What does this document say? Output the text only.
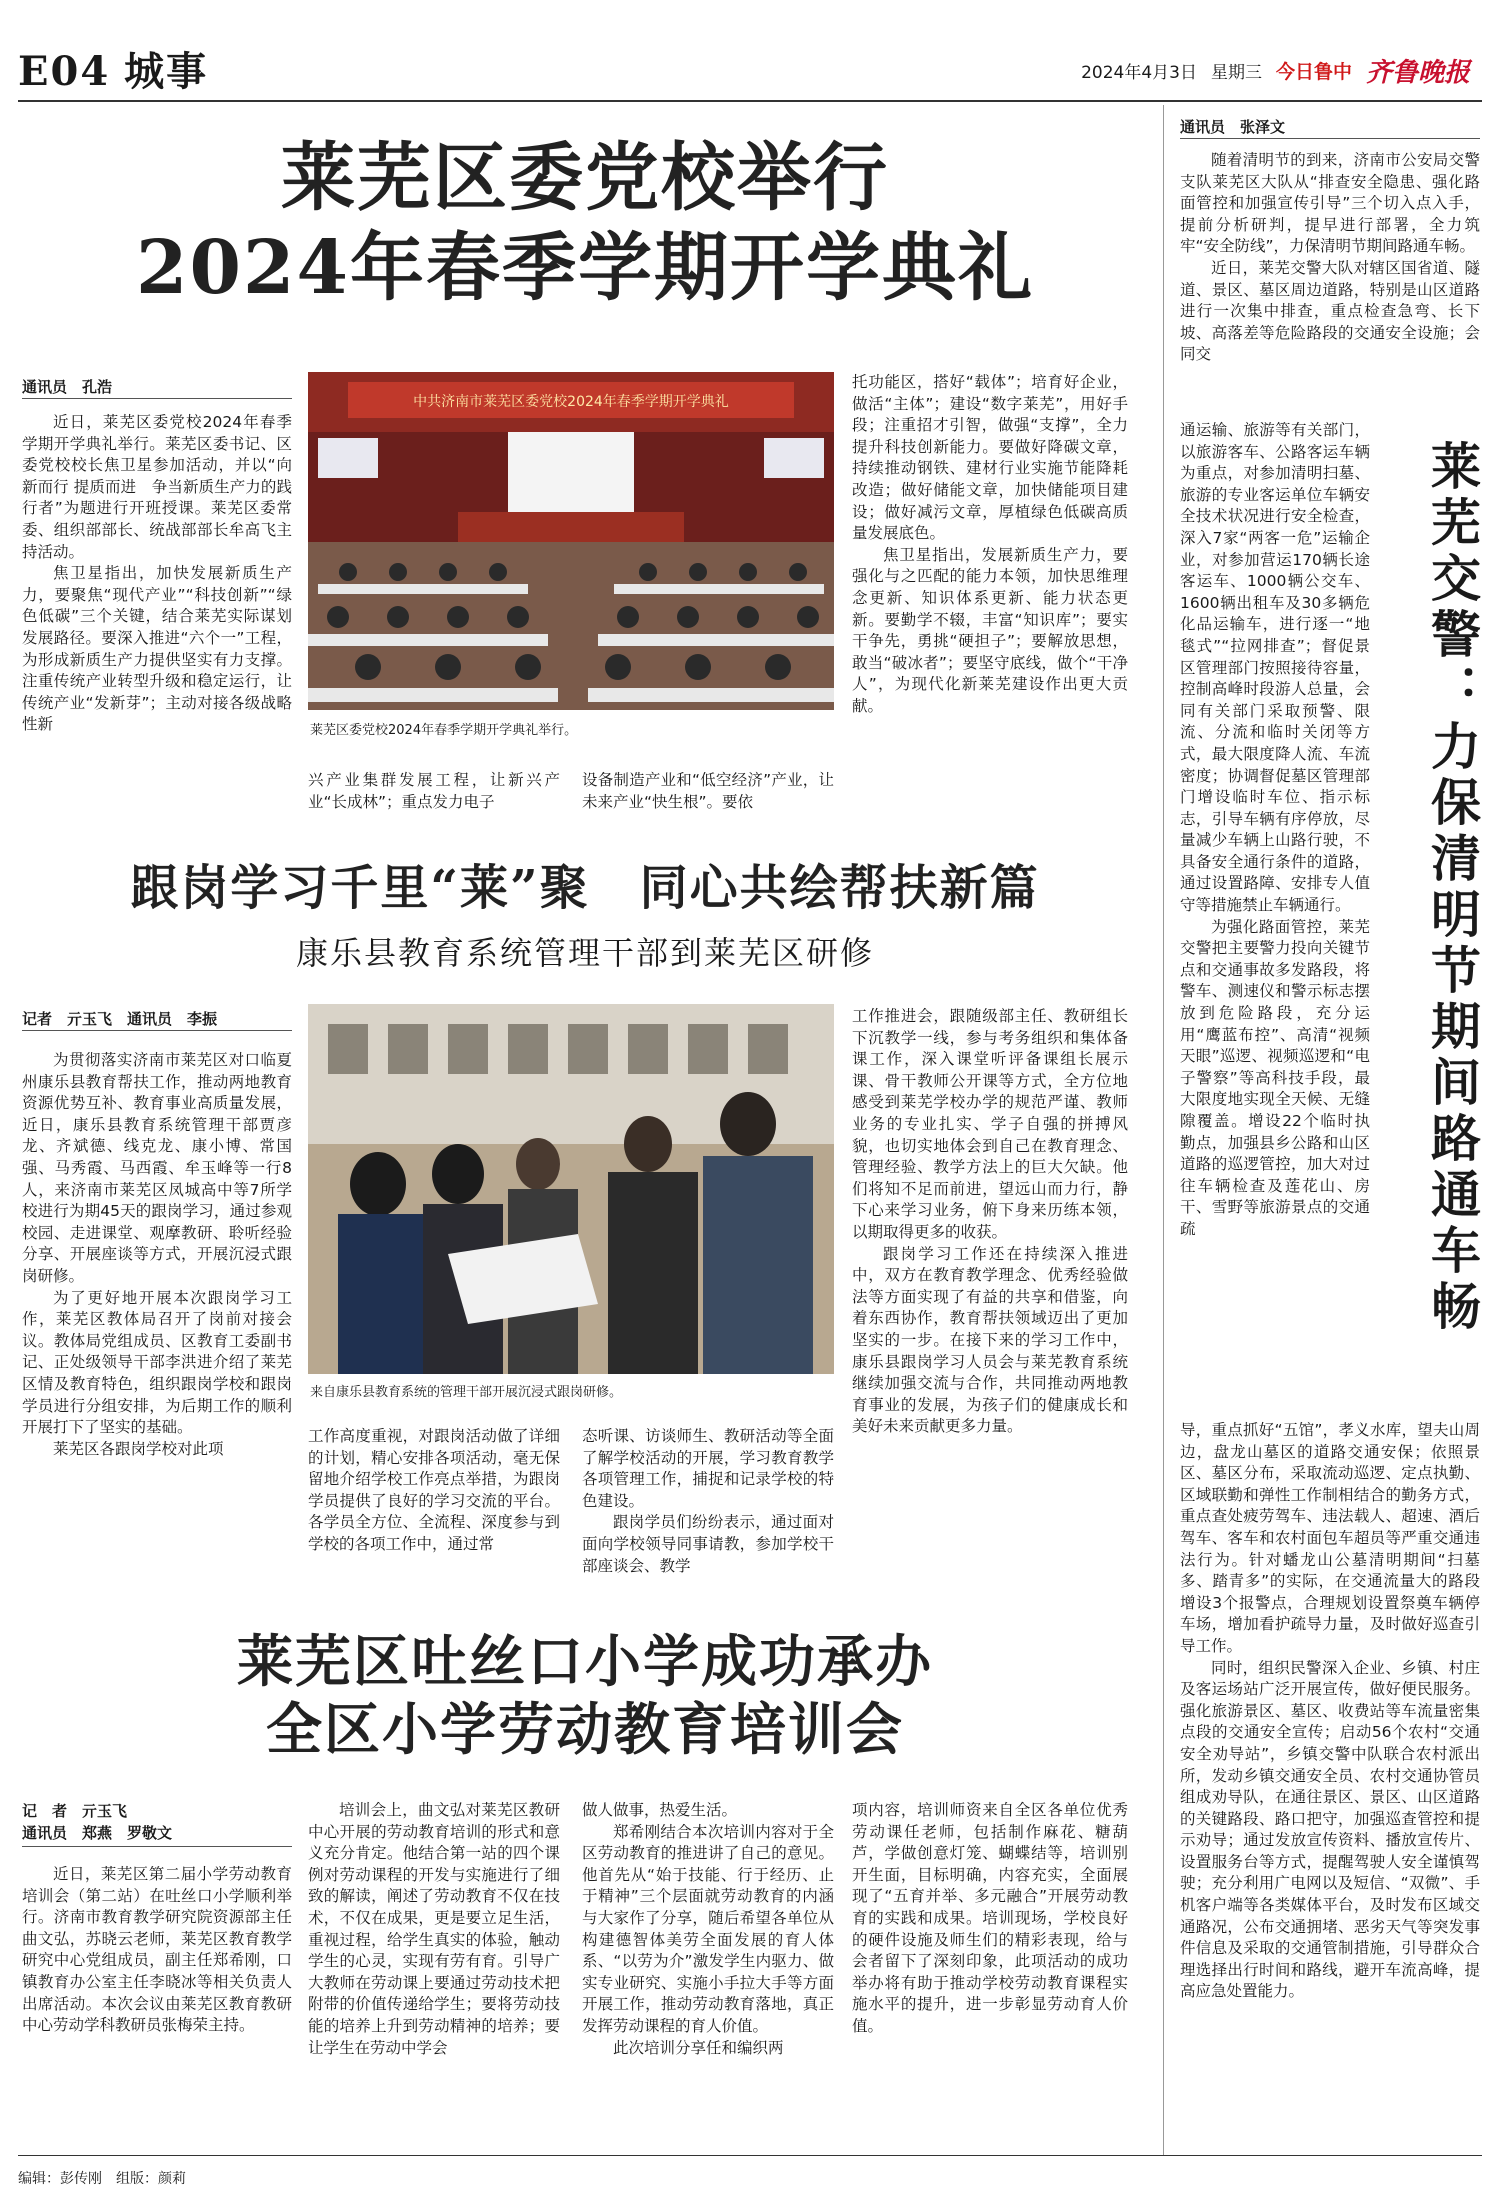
E04 城事	2024年4月3日 星期三 今日鲁中 齐鲁晚报
莱芜区委党校举行
2024年春季学期开学典礼
通讯员　孔浩

近日，莱芜区委党校2024年春季学期开学典礼举行。莱芜区委书记、区委党校校长焦卫星参加活动，并以“向新而行 提质而进　争当新质生产力的践行者”为题进行开班授课。莱芜区委常委、组织部部长、统战部部长牟高飞主持活动。

焦卫星指出，加快发展新质生产力，要聚焦“现代产业”“科技创新”“绿色低碳”三个关键，结合莱芜实际谋划发展路径。要深入推进“六个一”工程，为形成新质生产力提供坚实有力支撑。注重传统产业转型升级和稳定运行，让传统产业“发新芽”；主动对接各级战略性新

中共济南市莱芜区委党校2024年春季学期开学典礼
莱芜区委党校2024年春季学期开学典礼举行。
兴产业集群发展工程，让新兴产业“长成林”；重点发力电子
设备制造产业和“低空经济”产业，让未来产业“快生根”。要依

托功能区，搭好“载体”；培育好企业，做活“主体”；建设“数字莱芜”，用好手段；注重招才引智，做强“支撑”，全力提升科技创新能力。要做好降碳文章，持续推动钢铁、建材行业实施节能降耗改造；做好储能文章，加快储能项目建设；做好减污文章，厚植绿色低碳高质量发展底色。

焦卫星指出，发展新质生产力，要强化与之匹配的能力本领，加快思维理念更新、知识体系更新、能力状态更新。要勤学不辍，丰富“知识库”；要实干争先，勇挑“硬担子”；要解放思想，敢当“破冰者”；要坚守底线，做个“干净人”，为现代化新莱芜建设作出更大贡献。

跟岗学习千里“莱”聚　同心共绘帮扶新篇
康乐县教育系统管理干部到莱芜区研修
记者　亓玉飞　通讯员　李振

为贯彻落实济南市莱芜区对口临夏州康乐县教育帮扶工作，推动两地教育资源优势互补、教育事业高质量发展，近日，康乐县教育系统管理干部贾彦龙、齐斌德、线克龙、康小博、常国强、马秀霞、马西霞、牟玉峰等一行8人，来济南市莱芜区凤城高中等7所学校进行为期45天的跟岗学习，通过参观校园、走进课堂、观摩教研、聆听经验分享、开展座谈等方式，开展沉浸式跟岗研修。

为了更好地开展本次跟岗学习工作，莱芜区教体局召开了岗前对接会议。教体局党组成员、区教育工委副书记、正处级领导干部李洪进介绍了莱芜区情及教育特色，组织跟岗学校和跟岗学员进行分组安排，为后期工作的顺利开展打下了坚实的基础。

莱芜区各跟岗学校对此项

来自康乐县教育系统的管理干部开展沉浸式跟岗研修。
工作高度重视，对跟岗活动做了详细的计划，精心安排各项活动，毫无保留地介绍学校工作亮点举措，为跟岗学员提供了良好的学习交流的平台。各学员全方位、全流程、深度参与到学校的各项工作中，通过常

态听课、访谈师生、教研活动等全面了解学校活动的开展，学习教育教学各项管理工作，捕捉和记录学校的特色建设。

跟岗学员们纷纷表示，通过面对面向学校领导同事请教，参加学校干部座谈会、教学

工作推进会，跟随级部主任、教研组长下沉教学一线，参与考务组织和集体备课工作，深入课堂听评备课组长展示课、骨干教师公开课等方式，全方位地感受到莱芜学校办学的规范严谨、教师业务的专业扎实、学子自强的拼搏风貌，也切实地体会到自己在教育理念、管理经验、教学方法上的巨大欠缺。他们将知不足而前进，望远山而力行，静下心来学习业务，俯下身来历练本领，以期取得更多的收获。

跟岗学习工作还在持续深入推进中，双方在教育教学理念、优秀经验做法等方面实现了有益的共享和借鉴，向着东西协作，教育帮扶领域迈出了更加坚实的一步。在接下来的学习工作中，康乐县跟岗学习人员会与莱芜教育系统继续加强交流与合作，共同推动两地教育事业的发展，为孩子们的健康成长和美好未来贡献更多力量。

莱芜区吐丝口小学成功承办
全区小学劳动教育培训会
记　者　亓玉飞
通讯员　郑燕　罗敬文

近日，莱芜区第二届小学劳动教育培训会（第二站）在吐丝口小学顺利举行。济南市教育教学研究院资源部主任曲文弘，苏晓云老师，莱芜区教育教学研究中心党组成员，副主任郑希刚，口镇教育办公室主任李晓冰等相关负责人出席活动。本次会议由莱芜区教育教研中心劳动学科教研员张梅荣主持。

培训会上，曲文弘对莱芜区教研中心开展的劳动教育培训的形式和意义充分肯定。他结合第一站的四个课例对劳动课程的开发与实施进行了细致的解读，阐述了劳动教育不仅在技术，不仅在成果，更是要立足生活，重视过程，给学生真实的体验，触动学生的心灵，实现有劳有育。引导广大教师在劳动课上要通过劳动技术把附带的价值传递给学生；要将劳动技能的培养上升到劳动精神的培养；要让学生在劳动中学会

做人做事，热爱生活。

郑希刚结合本次培训内容对于全区劳动教育的推进讲了自己的意见。他首先从“始于技能、行于经历、止于精神”三个层面就劳动教育的内涵与大家作了分享，随后希望各单位从构建德智体美劳全面发展的育人体系、“以劳为介”激发学生内驱力、做实专业研究、实施小手拉大手等方面开展工作，推动劳动教育落地，真正发挥劳动课程的育人价值。

此次培训分享任和编织两

项内容，培训师资来自全区各单位优秀劳动课任老师，包括制作麻花、糖葫芦，学做创意灯笼、蝴蝶结等，培训别开生面，目标明确，内容充实，全面展现了“五育并举、多元融合”开展劳动教育的实践和成果。培训现场，学校良好的硬件设施及师生们的精彩表现，给与会者留下了深刻印象，此项活动的成功举办将有助于推动学校劳动教育课程实施水平的提升，进一步彰显劳动育人价值。

通讯员　张泽文

随着清明节的到来，济南市公安局交警支队莱芜区大队从“排查安全隐患、强化路面管控和加强宣传引导”三个切入点入手，提前分析研判，提早进行部署，全力筑牢“安全防线”，力保清明节期间路通车畅。

近日，莱芜交警大队对辖区国省道、隧道、景区、墓区周边道路，特别是山区道路进行一次集中排查，重点检查急弯、长下坡、高落差等危险路段的交通安全设施；会同交

莱芜交警：力保清明节期间路通车畅

通运输、旅游等有关部门，以旅游客车、公路客运车辆为重点，对参加清明扫墓、旅游的专业客运单位车辆安全技术状况进行安全检查，深入7家“两客一危”运输企业，对参加营运170辆长途客运车、1000辆公交车、1600辆出租车及30多辆危化品运输车，进行逐一“地毯式”“拉网排查”；督促景区管理部门按照接待容量，控制高峰时段游人总量，会同有关部门采取预警、限流、分流和临时关闭等方式，最大限度降人流、车流密度；协调督促墓区管理部门增设临时车位、指示标志，引导车辆有序停放，尽量减少车辆上山路行驶，不具备安全通行条件的道路，通过设置路障、安排专人值守等措施禁止车辆通行。

为强化路面管控，莱芜交警把主要警力投向关键节点和交通事故多发路段，将警车、测速仪和警示标志摆放到危险路段，充分运用“鹰蓝布控”、高清“视频天眼”巡逻、视频巡逻和“电子警察”等高科技手段，最大限度地实现全天候、无缝隙覆盖。增设22个临时执勤点，加强县乡公路和山区道路的巡逻管控，加大对过往车辆检查及莲花山、房干、雪野等旅游景点的交通疏

导，重点抓好“五馆”，孝义水库，望夫山周边，盘龙山墓区的道路交通安保；依照景区、墓区分布，采取流动巡逻、定点执勤、区域联勤和弹性工作制相结合的勤务方式，重点查处疲劳驾车、违法载人、超速、酒后驾车、客车和农村面包车超员等严重交通违法行为。针对蟠龙山公墓清明期间“扫墓多、踏青多”的实际，在交通流量大的路段增设3个报警点，合理规划设置祭奠车辆停车场，增加看护疏导力量，及时做好巡查引导工作。

同时，组织民警深入企业、乡镇、村庄及客运场站广泛开展宣传，做好便民服务。强化旅游景区、墓区、收费站等车流量密集点段的交通安全宣传；启动56个农村“交通安全劝导站”，乡镇交警中队联合农村派出所，发动乡镇交通安全员、农村交通协管员组成劝导队，在通往景区、景区、山区道路的关键路段、路口把守，加强巡查管控和提示劝导；通过发放宣传资料、播放宣传片、设置服务台等方式，提醒驾驶人安全谨慎驾驶；充分利用广电网以及短信、“双微”、手机客户端等各类媒体平台，及时发布区域交通路况，公布交通拥堵、恶劣天气等突发事件信息及采取的交通管制措施，引导群众合理选择出行时间和路线，避开车流高峰，提高应急处置能力。

编辑：彭传刚　组版：颜莉
